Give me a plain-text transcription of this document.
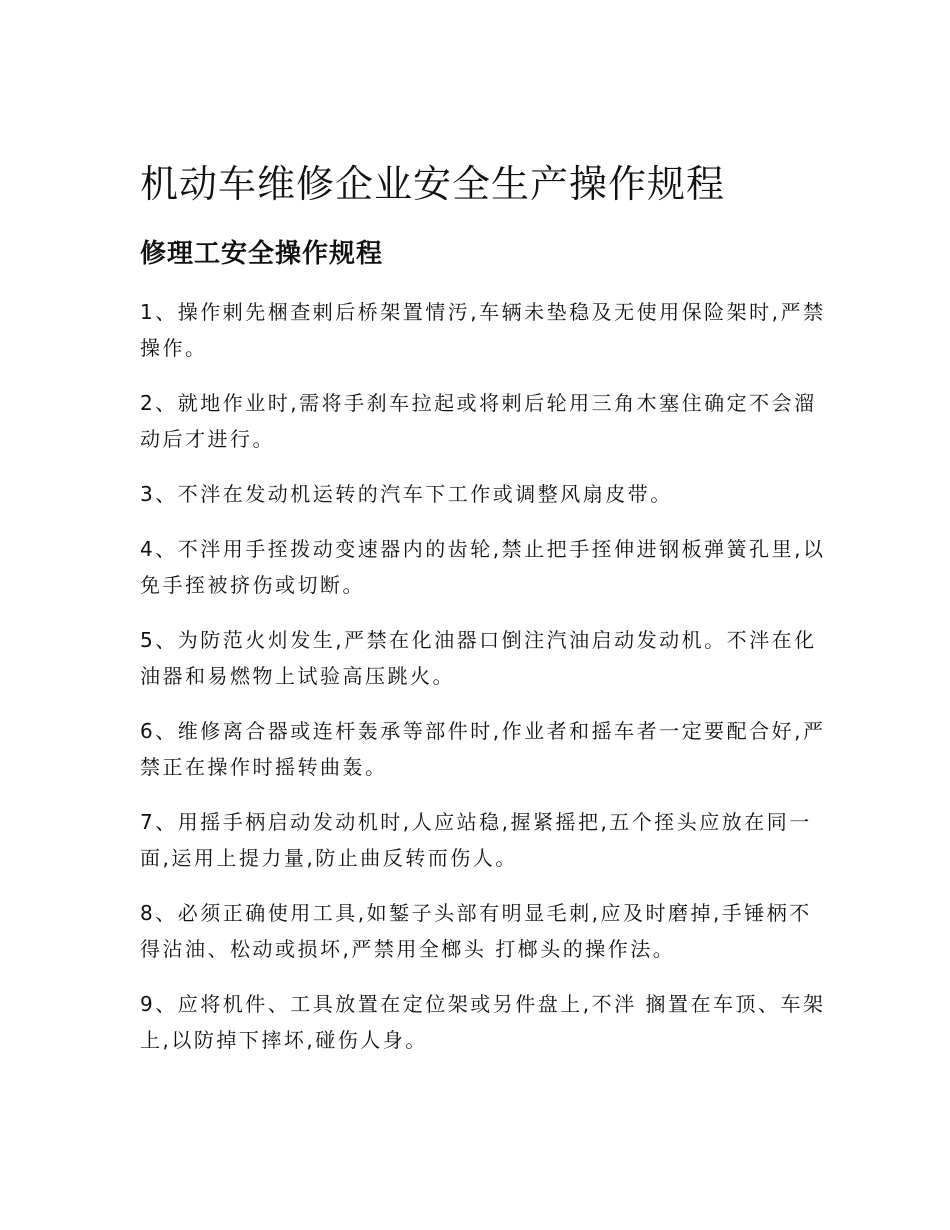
机动车维修企业安全生产操作规程
修理工安全操作规程
1、操作剌先梱查剌后桥架置情汚,车辆未垫稳及无使用保险架时,严禁操作。
2、就地作业时,需将手刹车拉起或将剌后轮用三角木塞住确定不会溜动后才进行。
3、不泮在发动机运转的汽车下工作或调整风扇皮带。
4、不泮用手挃拨动变速器内的齿轮,禁止把手挃伸进钢板弹簧孔里,以免手挃被挤伤或切断。
5、为防范火灲发生,严禁在化油器口倒注汽油启动发动机。不泮在化油器和易燃物上试验高压跳火。
6、维修离合器或连杆轰承等部件时,作业者和摇车者一定要配合好,严禁正在操作时摇转曲轰。
7、用摇手柄启动发动机时,人应站稳,握紧摇把,五个挃头应放在同一面,运用上提力量,防止曲反转而伤人。
8、必须正确使用工具,如錾子头部有明显毛刺,应及时磨掉,手锤柄不得沾油、松动或损坏,严禁用全榔头 打榔头的操作法。
9、应将机件、工具放置在定位架或另件盘上,不泮 搁置在车顶、车架上,以防掉下摔坏,碰伤人身。
